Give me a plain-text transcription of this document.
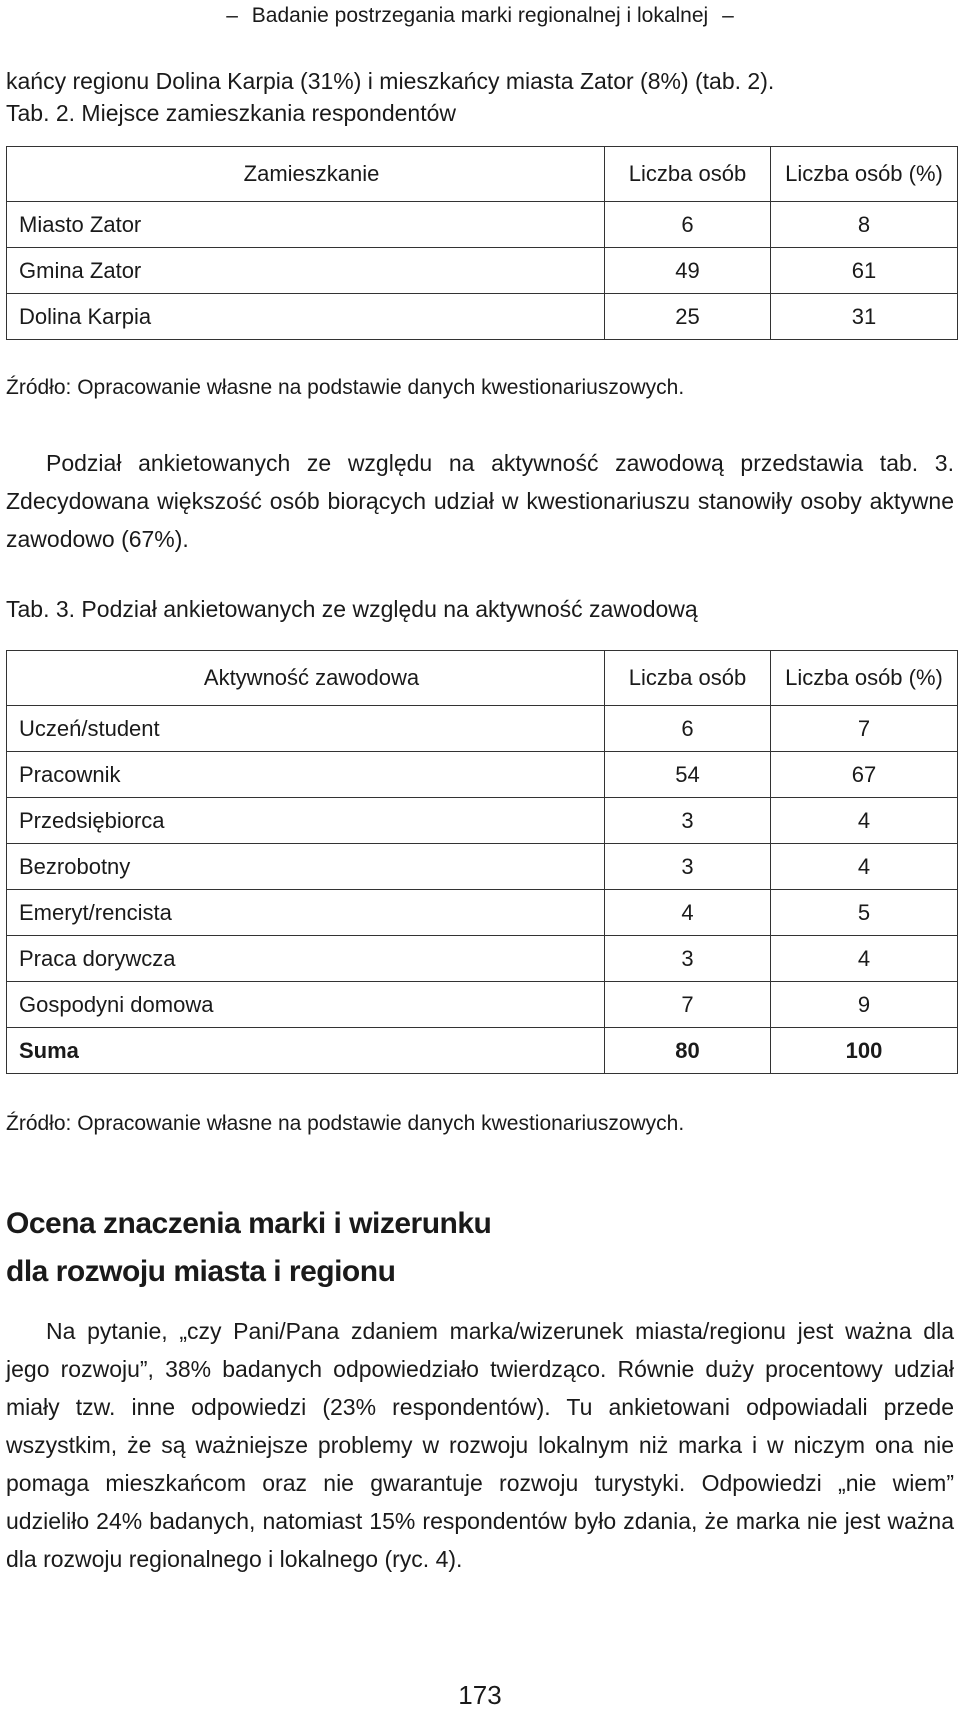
– Badanie postrzegania marki regionalnej i lokalnej –
kańcy regionu Dolina Karpia (31%) i mieszkańcy miasta Zator (8%) (tab. 2).
Tab. 2. Miejsce zamieszkania respondentów
Zamieszkanie	Liczba osób	Liczba osób (%)
Miasto Zator	6	8
Gmina Zator	49	61
Dolina Karpia	25	31
Źródło: Opracowanie własne na podstawie danych kwestionariuszowych.

Podział ankietowanych ze względu na aktywność zawodową przedstawia tab. 3. Zdecydowana większość osób biorących udział w kwestionariuszu stanowiły osoby aktywne zawodowo (67%).

Tab. 3. Podział ankietowanych ze względu na aktywność zawodową
Aktywność zawodowa	Liczba osób	Liczba osób (%)
Uczeń/student	6	7
Pracownik	54	67
Przedsiębiorca	3	4
Bezrobotny	3	4
Emeryt/rencista	4	5
Praca dorywcza	3	4
Gospodyni domowa	7	9
Suma	80	100
Źródło: Opracowanie własne na podstawie danych kwestionariuszowych.
Ocena znaczenia marki i wizerunku
dla rozwoju miasta i regionu

Na pytanie, „czy Pani/Pana zdaniem marka/wizerunek miasta/regionu jest ważna dla jego rozwoju”, 38% badanych odpowiedziało twierdząco. Równie duży procentowy udział miały tzw. inne odpowiedzi (23% respondentów). Tu ankietowani odpowiadali przede wszystkim, że są ważniejsze problemy w rozwoju lokalnym niż marka i w niczym ona nie pomaga mieszkańcom oraz nie gwarantuje rozwoju turystyki. Odpowiedzi „nie wiem” udzieliło 24% badanych, natomiast 15% respondentów było zdania, że marka nie jest ważna dla rozwoju regionalnego i lokalnego (ryc. 4).

173
